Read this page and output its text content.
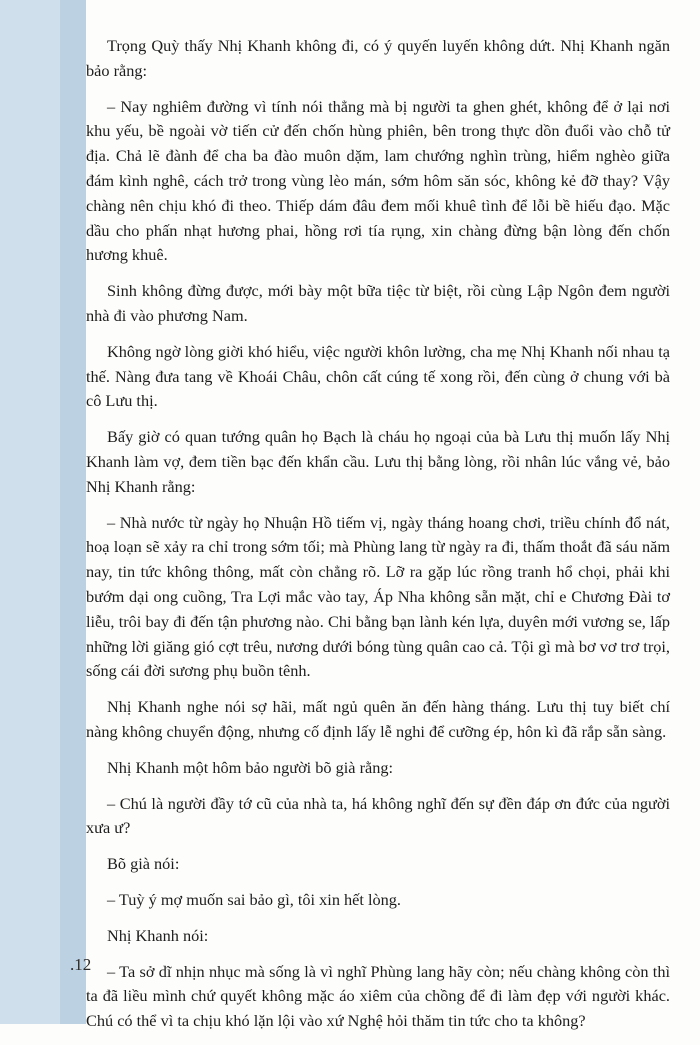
Trọng Quỳ thấy Nhị Khanh không đi, có ý quyến luyến không dứt. Nhị Khanh ngăn bảo rằng:

– Nay nghiêm đường vì tính nói thẳng mà bị người ta ghen ghét, không để ở lại nơi khu yếu, bề ngoài vờ tiến cử đến chốn hùng phiên, bên trong thực dồn đuổi vào chỗ tử địa. Chả lẽ đành để cha ba đào muôn dặm, lam chướng nghìn trùng, hiểm nghèo giữa đám kình nghê, cách trở trong vùng lèo mán, sớm hôm săn sóc, không kẻ đỡ thay? Vậy chàng nên chịu khó đi theo. Thiếp dám đâu đem mối khuê tình để lỗi bề hiếu đạo. Mặc dầu cho phấn nhạt hương phai, hồng rơi tía rụng, xin chàng đừng bận lòng đến chốn hương khuê.

Sinh không đừng được, mới bày một bữa tiệc từ biệt, rồi cùng Lập Ngôn đem người nhà đi vào phương Nam.

Không ngờ lòng giời khó hiểu, việc người khôn lường, cha mẹ Nhị Khanh nối nhau tạ thế. Nàng đưa tang về Khoái Châu, chôn cất cúng tế xong rồi, đến cùng ở chung với bà cô Lưu thị.

Bấy giờ có quan tướng quân họ Bạch là cháu họ ngoại của bà Lưu thị muốn lấy Nhị Khanh làm vợ, đem tiền bạc đến khẩn cầu. Lưu thị bằng lòng, rồi nhân lúc vắng vẻ, bảo Nhị Khanh rằng:

– Nhà nước từ ngày họ Nhuận Hồ tiếm vị, ngày tháng hoang chơi, triều chính đổ nát, hoạ loạn sẽ xảy ra chỉ trong sớm tối; mà Phùng lang từ ngày ra đi, thấm thoắt đã sáu năm nay, tin tức không thông, mất còn chẳng rõ. Lỡ ra gặp lúc rồng tranh hổ chọi, phải khi bướm dại ong cuồng, Tra Lợi mắc vào tay, Áp Nha không sẵn mặt, chỉ e Chương Đài tơ liễu, trôi bay đi đến tận phương nào. Chi bằng bạn lành kén lựa, duyên mới vương se, lấp những lời giăng gió cợt trêu, nương dưới bóng tùng quân cao cả. Tội gì mà bơ vơ trơ trọi, sống cái đời sương phụ buồn tênh.

Nhị Khanh nghe nói sợ hãi, mất ngủ quên ăn đến hàng tháng. Lưu thị tuy biết chí nàng không chuyển động, nhưng cố định lấy lễ nghi để cưỡng ép, hôn kì đã rắp sẵn sàng.

Nhị Khanh một hôm bảo người bõ già rằng:

– Chú là người đầy tớ cũ của nhà ta, há không nghĩ đến sự đền đáp ơn đức của người xưa ư?

Bõ già nói:

– Tuỳ ý mợ muốn sai bảo gì, tôi xin hết lòng.

Nhị Khanh nói:

– Ta sở dĩ nhịn nhục mà sống là vì nghĩ Phùng lang hãy còn; nếu chàng không còn thì ta đã liều mình chứ quyết không mặc áo xiêm của chồng để đi làm đẹp với người khác. Chú có thể vì ta chịu khó lặn lội vào xứ Nghệ hỏi thăm tin tức cho ta không?

.12
